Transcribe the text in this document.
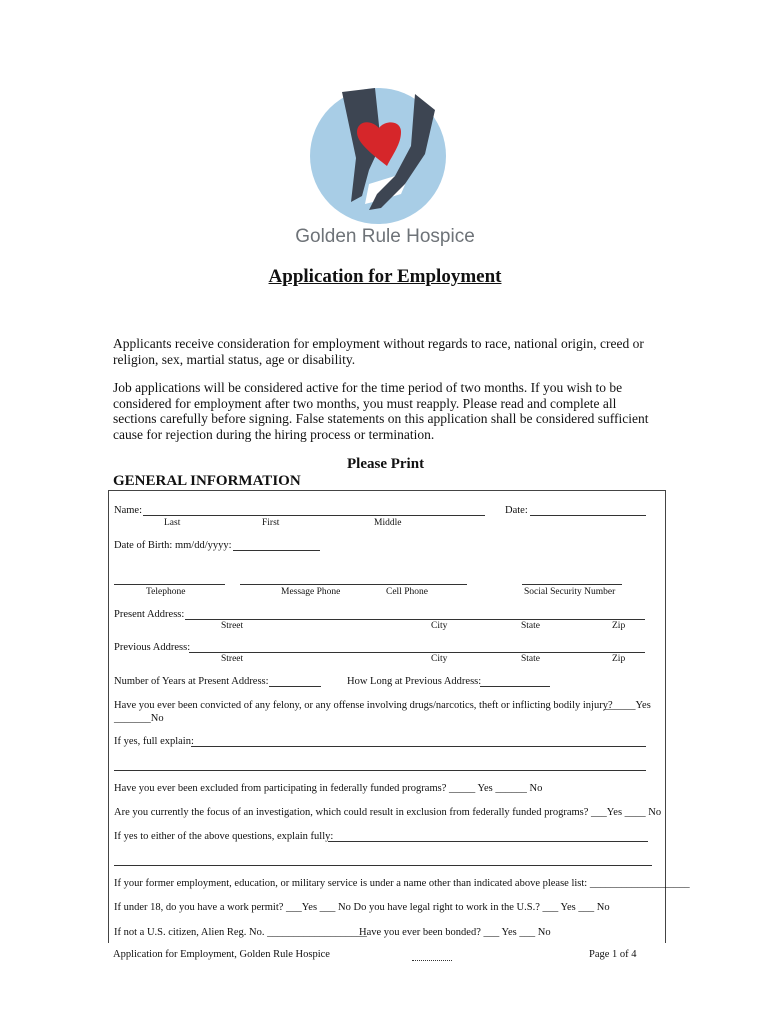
Golden Rule Hospice
Application for Employment
Applicants receive consideration for employment without regards to race, national origin, creed or religion, sex, martial status, age or disability.
Job applications will be considered active for the time period of two months. If you wish to be considered for employment after two months, you must reapply. Please read and complete all sections carefully before signing. False statements on this application shall be considered sufficient cause for rejection during the hiring process or termination.
Please Print
GENERAL INFORMATION
Name:	Date:
Last	First	Middle
Date of Birth: mm/dd/yyyy:
Telephone	Message Phone	Cell Phone	Social Security Number
Present Address:
Street	City	State	Zip
Previous Address:
Street	City	State	Zip
Number of Years at Present Address:	How Long at Previous Address:
Have you ever been convicted of any felony, or any offense involving drugs/narcotics, theft or inflicting bodily injury?
______Yes
_______No
If yes, full explain:
Have you ever been excluded from participating in federally funded programs? _____ Yes ______ No
Are you currently the focus of an investigation, which could result in exclusion from federally funded programs? ___Yes ____ No
If yes to either of the above questions, explain fully:
If your former employment, education, or military service is under a name other than indicated above please list: ___________________
If under 18, do you have a work permit? ___Yes ___ No Do you have legal right to work in the U.S.? ___ Yes ___ No
If not a U.S. citizen, Alien Reg. No. ___________________
Have you ever been bonded? ___ Yes ___ No
Application for Employment, Golden Rule Hospice	Page 1 of 4
